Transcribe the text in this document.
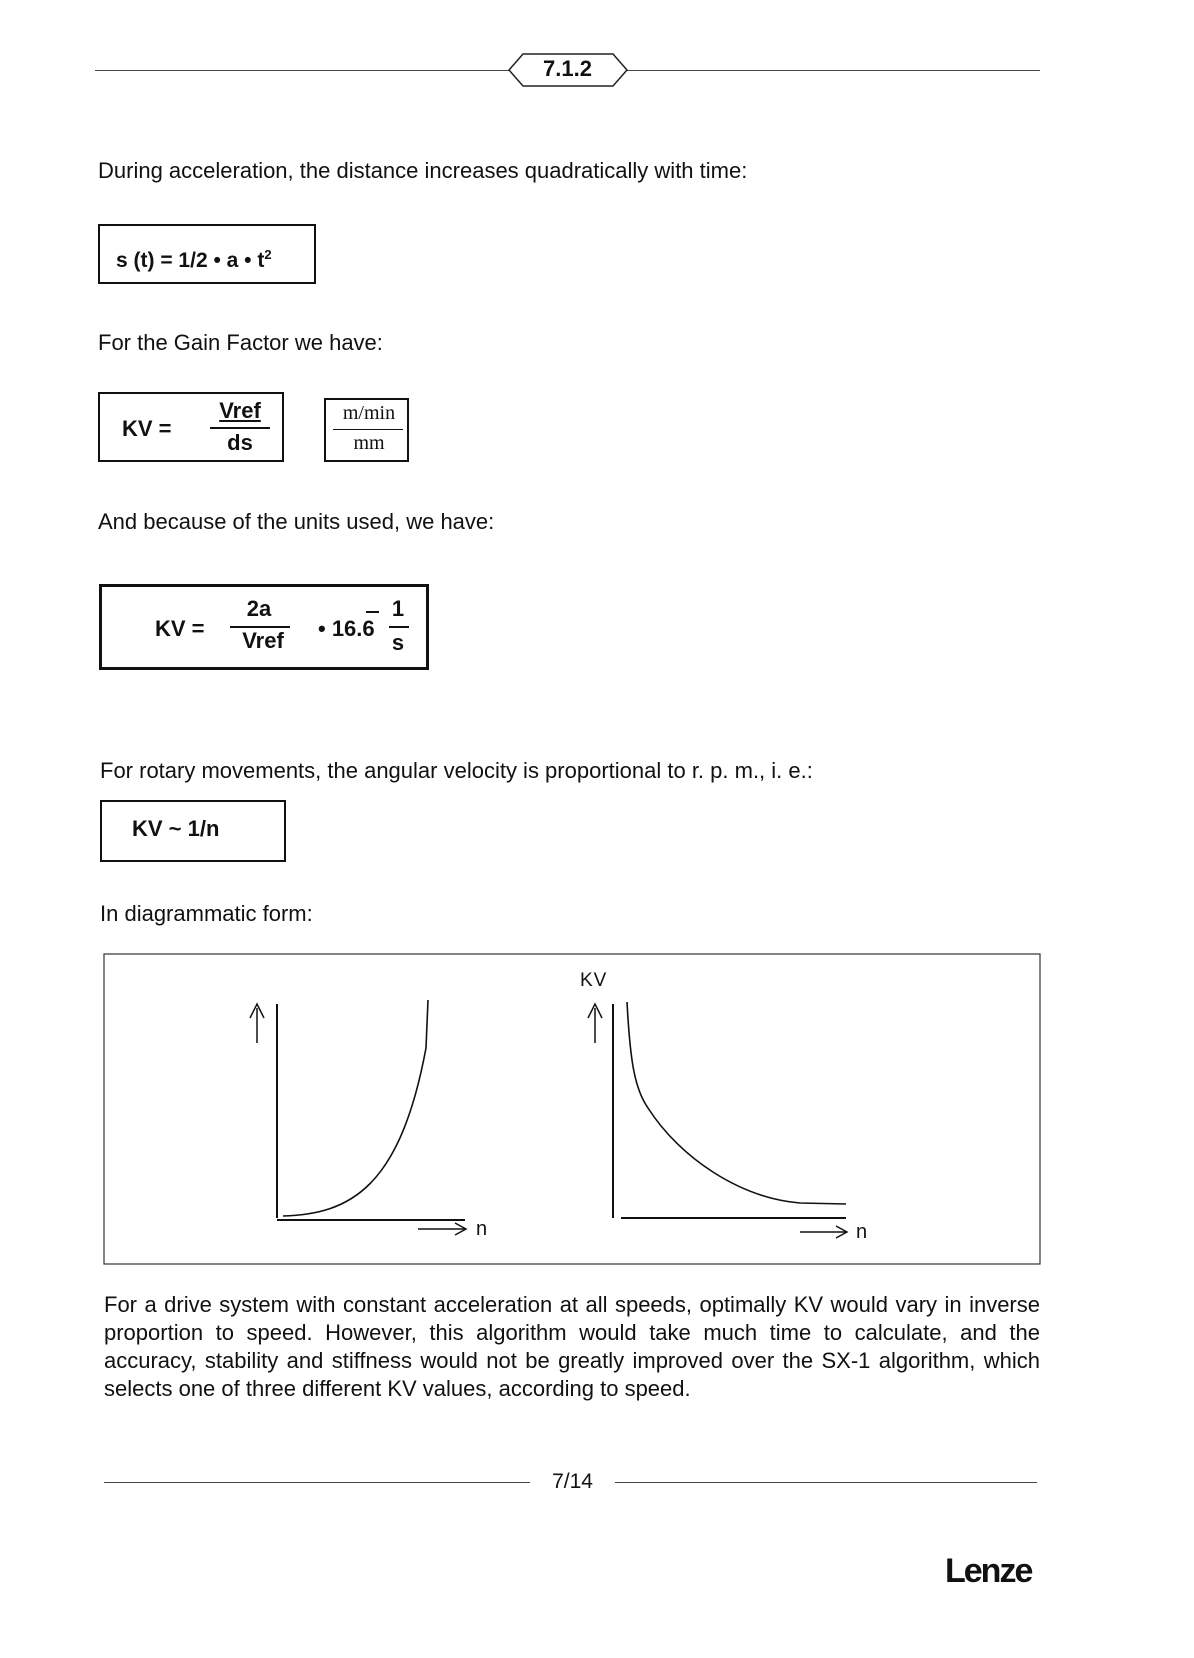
7.1.2
During acceleration, the distance increases quadratically with time:
s (t) = 1/2 • a • $t^2$
For the Gain Factor we have:
KV =
Vref
ds
m/min
mm
And because of the units used, we have:
KV =
2a
Vref	• 16.6
1
s
For rotary movements, the angular velocity is proportional to r. p. m., i. e.:
KV ~ 1/n
In diagrammatic form:
n
KV
n
For a drive system with constant acceleration at all speeds, optimally KV would vary in inverse proportion to speed. However, this algorithm would take much time to calculate, and the accuracy, stability and stiffness would not be greatly improved over the SX-1 algorithm, which selects one of three different KV values, according to speed.
7/14
Lenze
